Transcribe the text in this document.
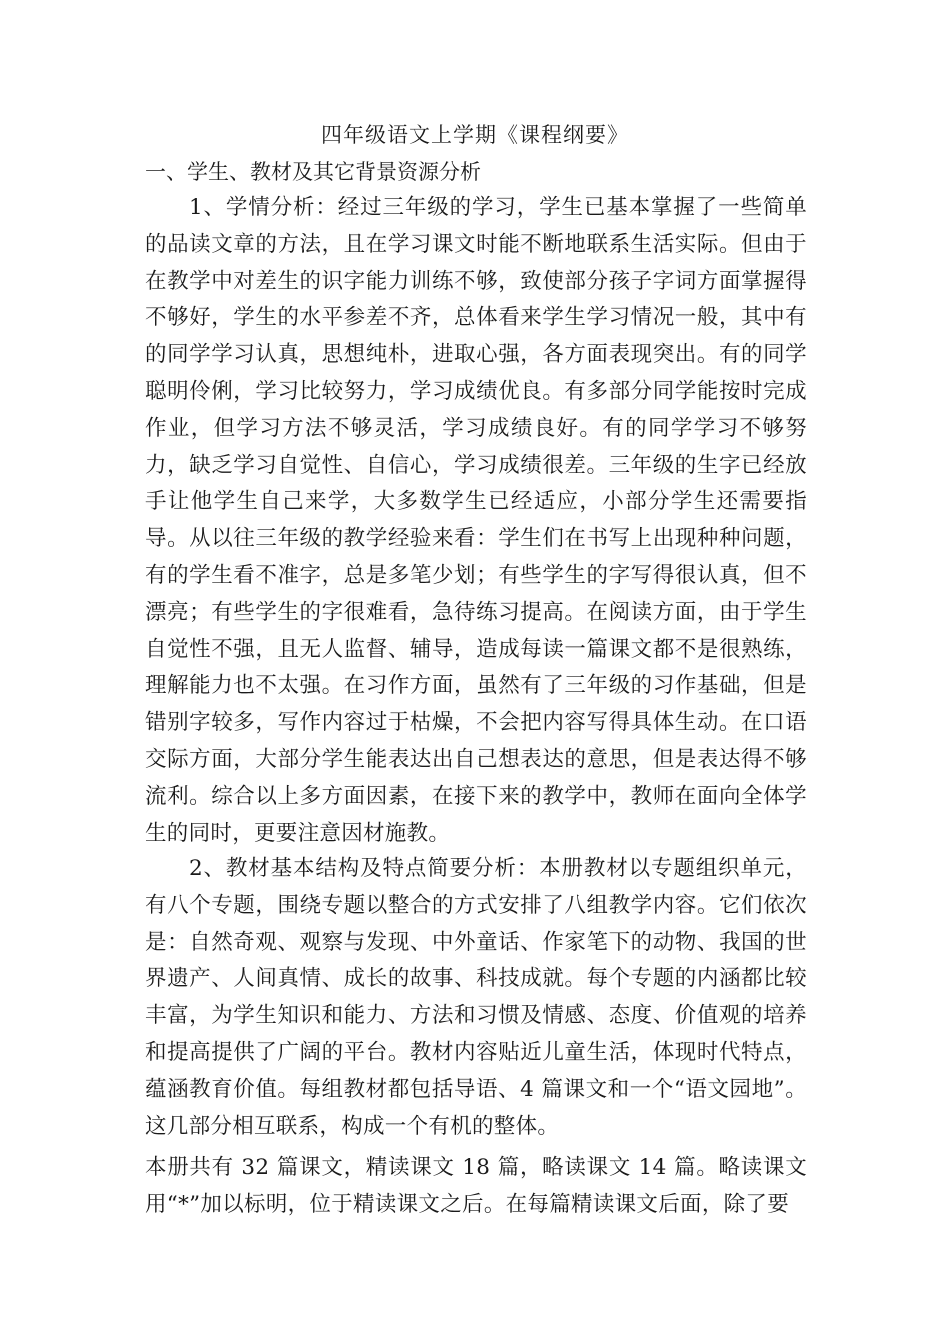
四年级语文上学期《课程纲要》
一、学生、教材及其它背景资源分析

1、学情分析：经过三年级的学习，学生已基本掌握了一些简单的品读文章的方法，且在学习课文时能不断地联系生活实际。但由于在教学中对差生的识字能力训练不够，致使部分孩子字词方面掌握得不够好，学生的水平参差不齐，总体看来学生学习情况一般，其中有的同学学习认真，思想纯朴，进取心强，各方面表现突出。有的同学聪明伶俐，学习比较努力，学习成绩优良。有多部分同学能按时完成作业，但学习方法不够灵活，学习成绩良好。有的同学学习不够努力，缺乏学习自觉性、自信心，学习成绩很差。三年级的生字已经放手让他学生自己来学，大多数学生已经适应，小部分学生还需要指导。从以往三年级的教学经验来看：学生们在书写上出现种种问题，有的学生看不准字，总是多笔少划；有些学生的字写得很认真，但不漂亮；有些学生的字很难看，急待练习提高。在阅读方面，由于学生自觉性不强，且无人监督、辅导，造成每读一篇课文都不是很熟练，理解能力也不太强。在习作方面，虽然有了三年级的习作基础，但是错别字较多，写作内容过于枯燥，不会把内容写得具体生动。在口语交际方面，大部分学生能表达出自己想表达的意思，但是表达得不够流利。综合以上多方面因素，在接下来的教学中，教师在面向全体学生的同时，更要注意因材施教。

2、教材基本结构及特点简要分析：本册教材以专题组织单元，有八个专题，围绕专题以整合的方式安排了八组教学内容。它们依次是：自然奇观、观察与发现、中外童话、作家笔下的动物、我国的世界遗产、人间真情、成长的故事、科技成就。每个专题的内涵都比较丰富，为学生知识和能力、方法和习惯及情感、态度、价值观的培养和提高提供了广阔的平台。教材内容贴近儿童生活，体现时代特点，蕴涵教育价值。每组教材都包括导语、4 篇课文和一个“语文园地”。这几部分相互联系，构成一个有机的整体。

本册共有 32 篇课文，精读课文 18 篇，略读课文 14 篇。略读课文用“*”加以标明，位于精读课文之后。在每篇精读课文后面，除了要
